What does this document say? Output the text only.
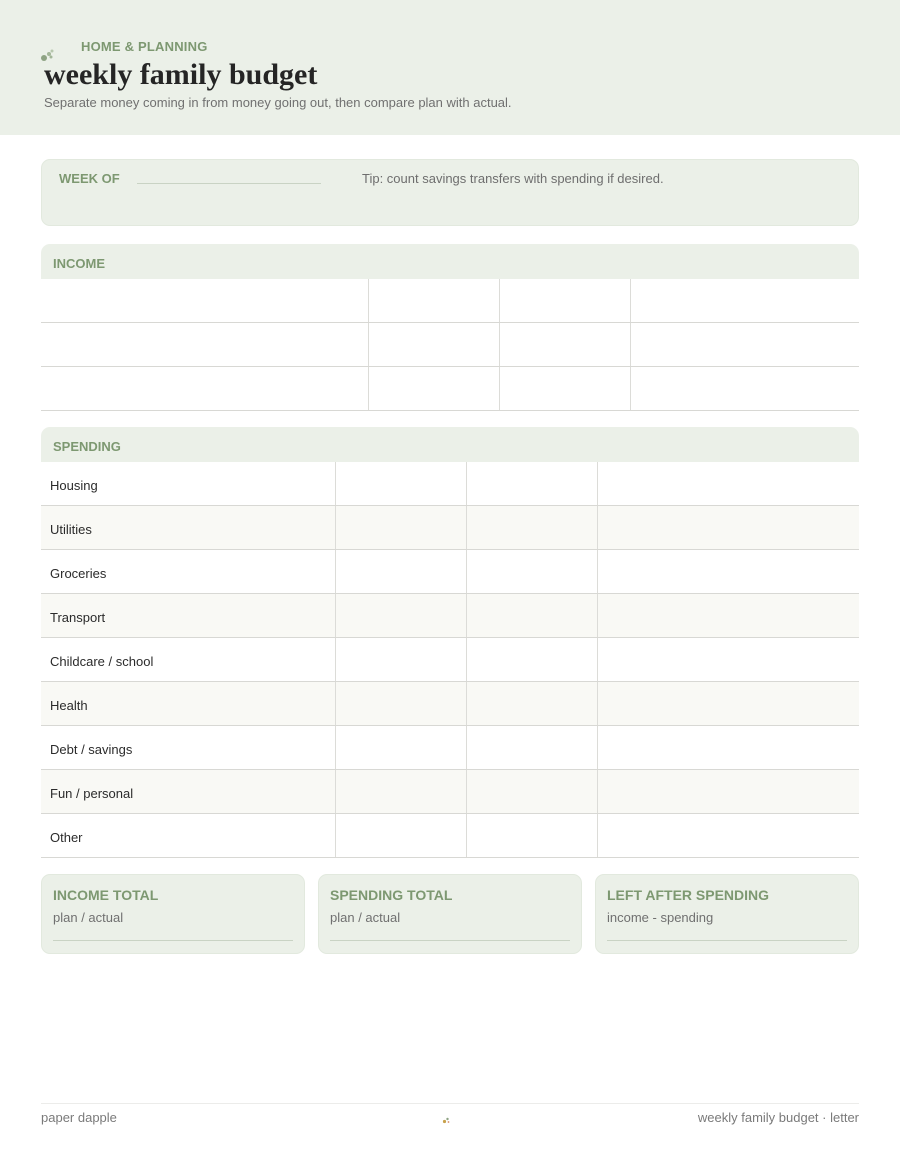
HOME & PLANNING
weekly family budget
Separate money coming in from money going out, then compare plan with actual.
WEEK OF	Tip: count savings transfers with spending if desired.
INCOME
SPENDING
Housing
Utilities
Groceries
Transport
Childcare / school
Health
Debt / savings
Fun / personal
Other
INCOME TOTAL
plan / actual
SPENDING TOTAL
plan / actual
LEFT AFTER SPENDING
income - spending
paper dapple	weekly family budget · letter
